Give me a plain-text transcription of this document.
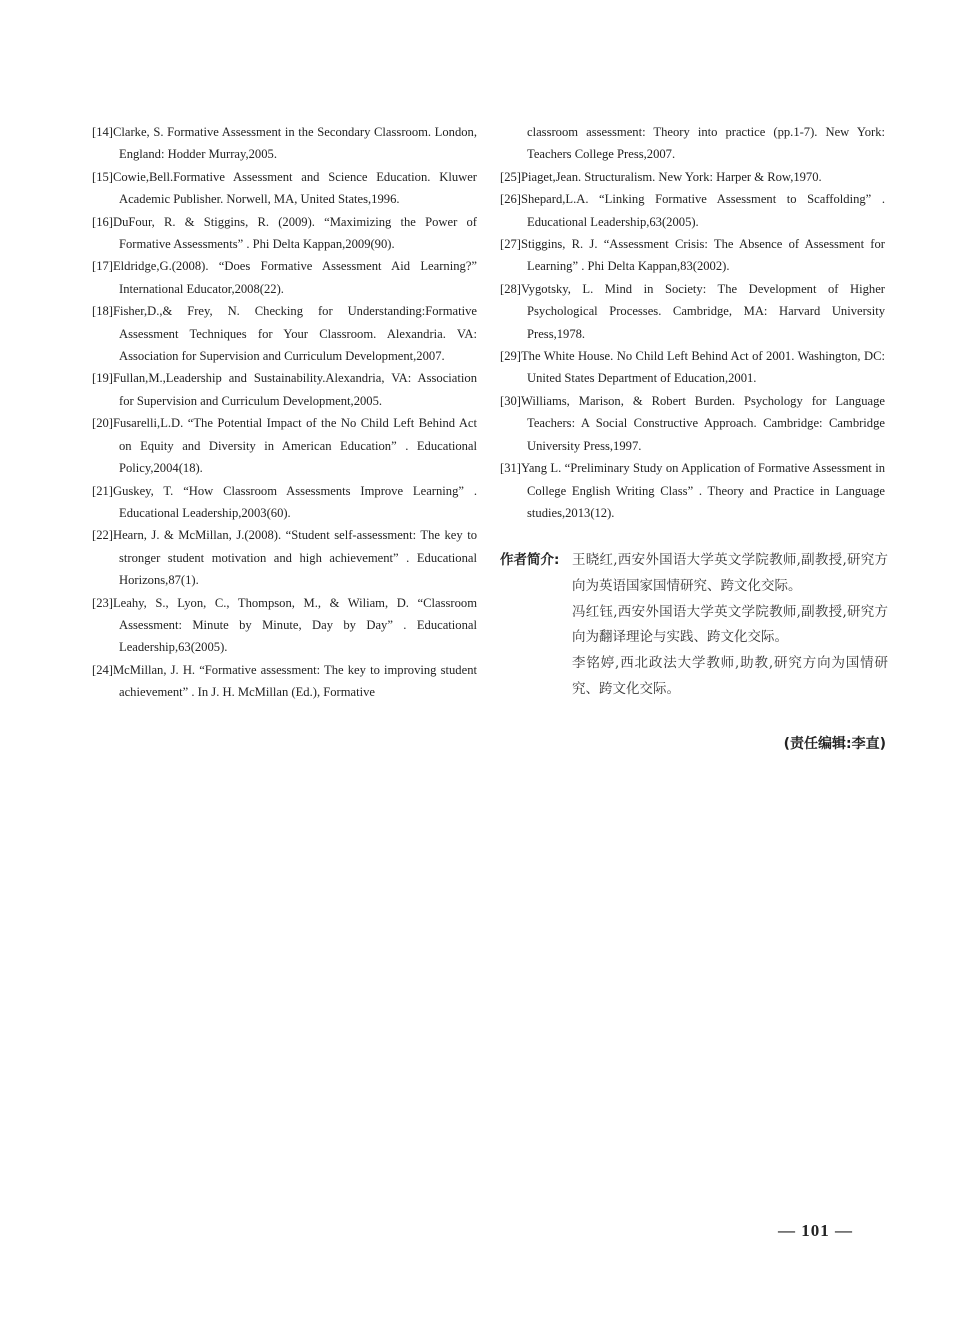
[14]Clarke, S. Formative Assessment in the Secondary Classroom. London, England: Hodder Murray,2005.

[15]Cowie,Bell.Formative Assessment and Science Education. Kluwer Academic Publisher. Norwell, MA, United States,1996.

[16]DuFour, R. & Stiggins, R. (2009). “Maximizing the Power of Formative Assessments” . Phi Delta Kappan,2009(90).

[17]Eldridge,G.(2008). “Does Formative Assessment Aid Learning?” International Educator,2008(22).

[18]Fisher,D.,& Frey, N. Checking for Understanding:Formative Assessment Techniques for Your Classroom. Alexandria. VA: Association for Supervision and Curriculum Development,2007.

[19]Fullan,M.,Leadership and Sustainability.Alexandria, VA: Association for Supervision and Curriculum Development,2005.

[20]Fusarelli,L.D. “The Potential Impact of the No Child Left Behind Act on Equity and Diversity in American Education” . Educational Policy,2004(18).

[21]Guskey, T. “How Classroom Assessments Improve Learning” . Educational Leadership,2003(60).

[22]Hearn, J. & McMillan, J.(2008). “Student self-assessment: The key to stronger student motivation and high achievement” . Educational Horizons,87(1).

[23]Leahy, S., Lyon, C., Thompson, M., & Wiliam, D. “Classroom Assessment: Minute by Minute, Day by Day” . Educational Leadership,63(2005).

[24]McMillan, J. H. “Formative assessment: The key to improving student achievement” . In J. H. McMillan (Ed.), Formative

classroom assessment: Theory into practice (pp.1-7). New York: Teachers College Press,2007.

[25]Piaget,Jean. Structuralism. New York: Harper & Row,1970.

[26]Shepard,L.A. “Linking Formative Assessment to Scaffolding” . Educational Leadership,63(2005).

[27]Stiggins, R. J. “Assessment Crisis: The Absence of Assessment for Learning” . Phi Delta Kappan,83(2002).

[28]Vygotsky, L. Mind in Society: The Development of Higher Psychological Processes. Cambridge, MA: Harvard University Press,1978.

[29]The White House. No Child Left Behind Act of 2001. Washington, DC: United States Department of Education,2001.

[30]Williams, Marison, & Robert Burden. Psychology for Language Teachers: A Social Constructive Approach. Cambridge: Cambridge University Press,1997.

[31]Yang L. “Preliminary Study on Application of Formative Assessment in College English Writing Class” . Theory and Practice in Language studies,2013(12).

作者简介: 王晓红,西安外国语大学英文学院教师,副教授,研究方向为英语国家国情研究、跨文化交际。

冯红钰,西安外国语大学英文学院教师,副教授,研究方向为翻译理论与实践、跨文化交际。

李铭婷,西北政法大学教师,助教,研究方向为国情研究、跨文化交际。

(责任编辑:李直)
— 101 —
